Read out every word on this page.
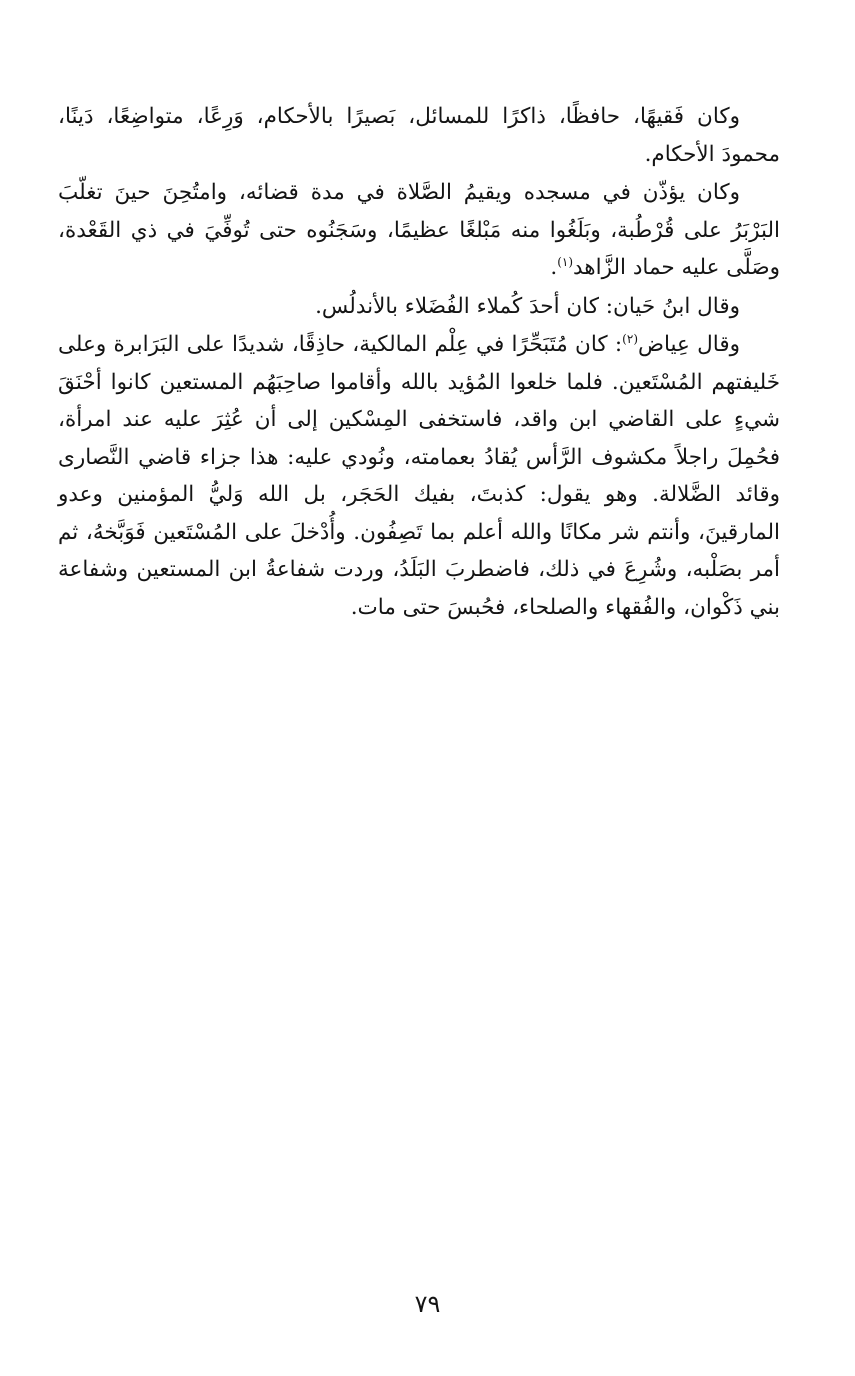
وكان فَقيهًا، حافظًا، ذاكرًا للمسائل، بَصيرًا بالأحكام، وَرِعًا، متواضِعًا، دَينًا، محمودَ الأحكام.

وكان يؤذّن في مسجده ويقيمُ الصَّلاة في مدة قضائه، وامتُحِنَ حينَ تغلّبَ البَرْبَرُ على قُرْطُبة، وبَلَغُوا منه مَبْلغًا عظيمًا، وسَجَنُوه حتى تُوفِّيَ في ذي القَعْدة، وصَلَّى عليه حماد الزَّاهد$^{(١)}$.

وقال ابنُ حَيان: كان أحدَ كُملاء الفُضَلاء بالأندلُس.

وقال عِياض$^{(٢)}$: كان مُتَبَحِّرًا في عِلْم المالكية، حاذِقًا، شديدًا على البَرَابرة وعلى خَليفتهم المُسْتَعين. فلما خلعوا المُؤيد بالله وأقاموا صاحِبَهُم المستعين كانوا أحْنَقَ شيءٍ على القاضي ابن واقد، فاستخفى المِسْكين إلى أن عُثِرَ عليه عند امرأة، فحُمِلَ راجلاً مكشوف الرَّأس يُقادُ بعمامته، ونُودي عليه: هذا جزاء قاضي النَّصارى وقائد الضَّلالة. وهو يقول: كذبتَ، بفيك الحَجَر، بل الله وَليُّ المؤمنين وعدو المارقينَ، وأنتم شر مكانًا والله أعلم بما تَصِفُون. وأُدْخلَ على المُسْتَعين فَوَبَّخهُ، ثم أمر بصَلْبه، وشُرِعَ في ذلك، فاضطربَ البَلَدُ، وردت شفاعةُ ابن المستعين وشفاعة بني ذَكْوان، والفُقهاء والصلحاء، فحُبسَ حتى مات.

٧٩
